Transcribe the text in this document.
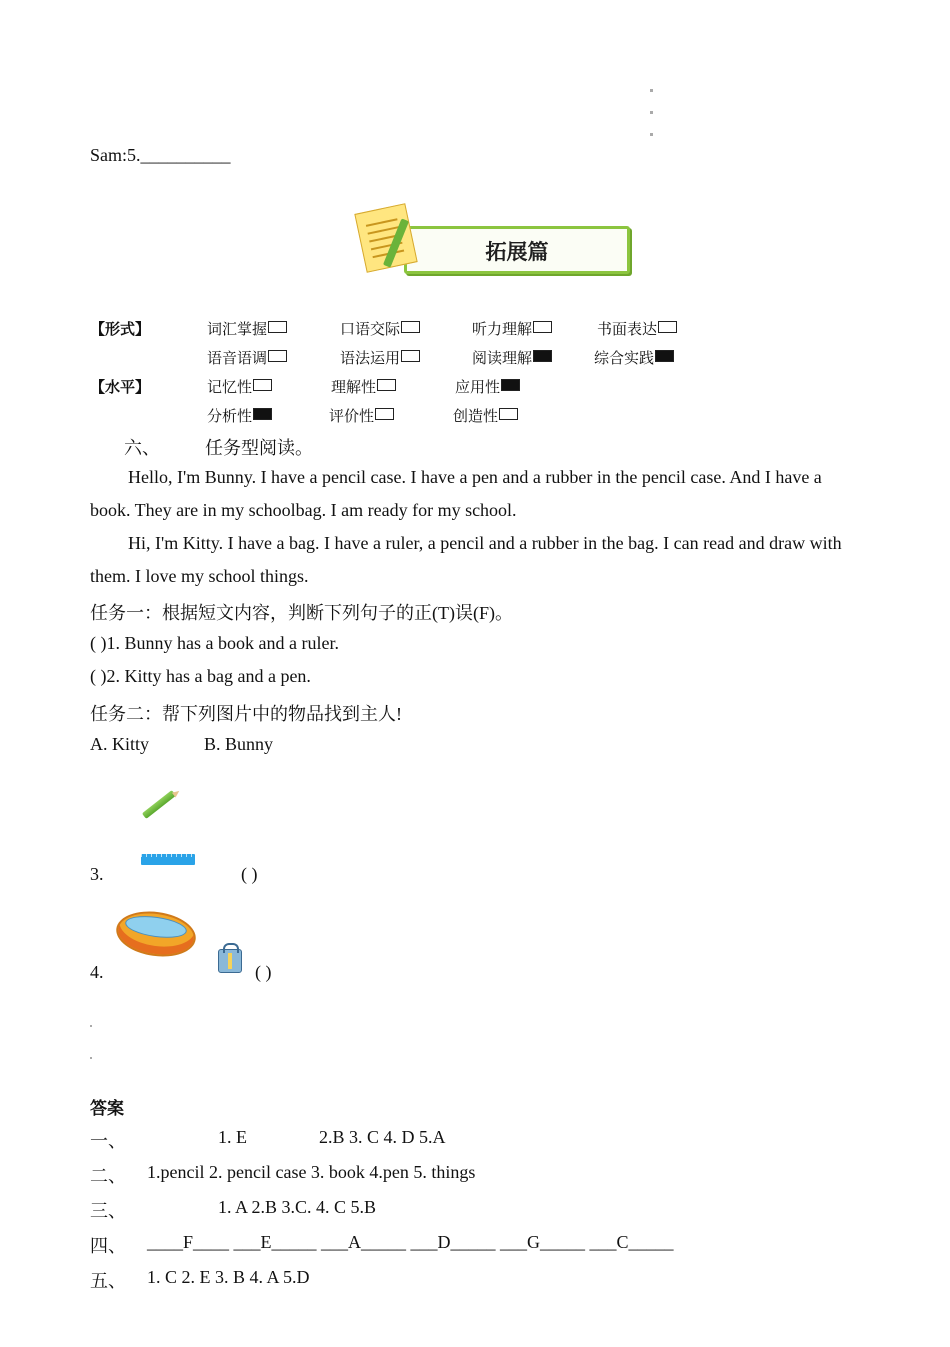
Sam:5.__________
拓展篇
【形式】	词汇掌握	口语交际	听力理解	书面表达
语音语调	语法运用	阅读理解	综合实践
【水平】	记忆性	理解性	应用性
分析性	评价性	创造性
六、	任务型阅读。
Hello, I'm Bunny. I have a pencil case. I have a pen and a rubber in the pencil case. And I have a book. They are in my schoolbag. I am ready for my school.
Hi, I'm Kitty. I have a bag. I have a ruler, a pencil and a rubber in the bag. I can read and draw with them. I love my school things.
任务一：根据短文内容，判断下列句子的正(T)误(F)。
( )1. Bunny has a book and a ruler.
( )2. Kitty has a bag and a pen.
任务二：帮下列图片中的物品找到主人!
A. Kitty	B. Bunny
3.	( )
4.	( )
答案
一、	1. E	2.B 3. C 4. D 5.A
二、 1.pencil 2. pencil case 3. book 4.pen 5. things
三、	1. A 2.B 3.C. 4. C 5.B
四、 ____F____ ___E_____ ___A_____ ___D_____ ___G_____ ___C_____
五、 1. C 2. E 3. B 4. A 5.D
